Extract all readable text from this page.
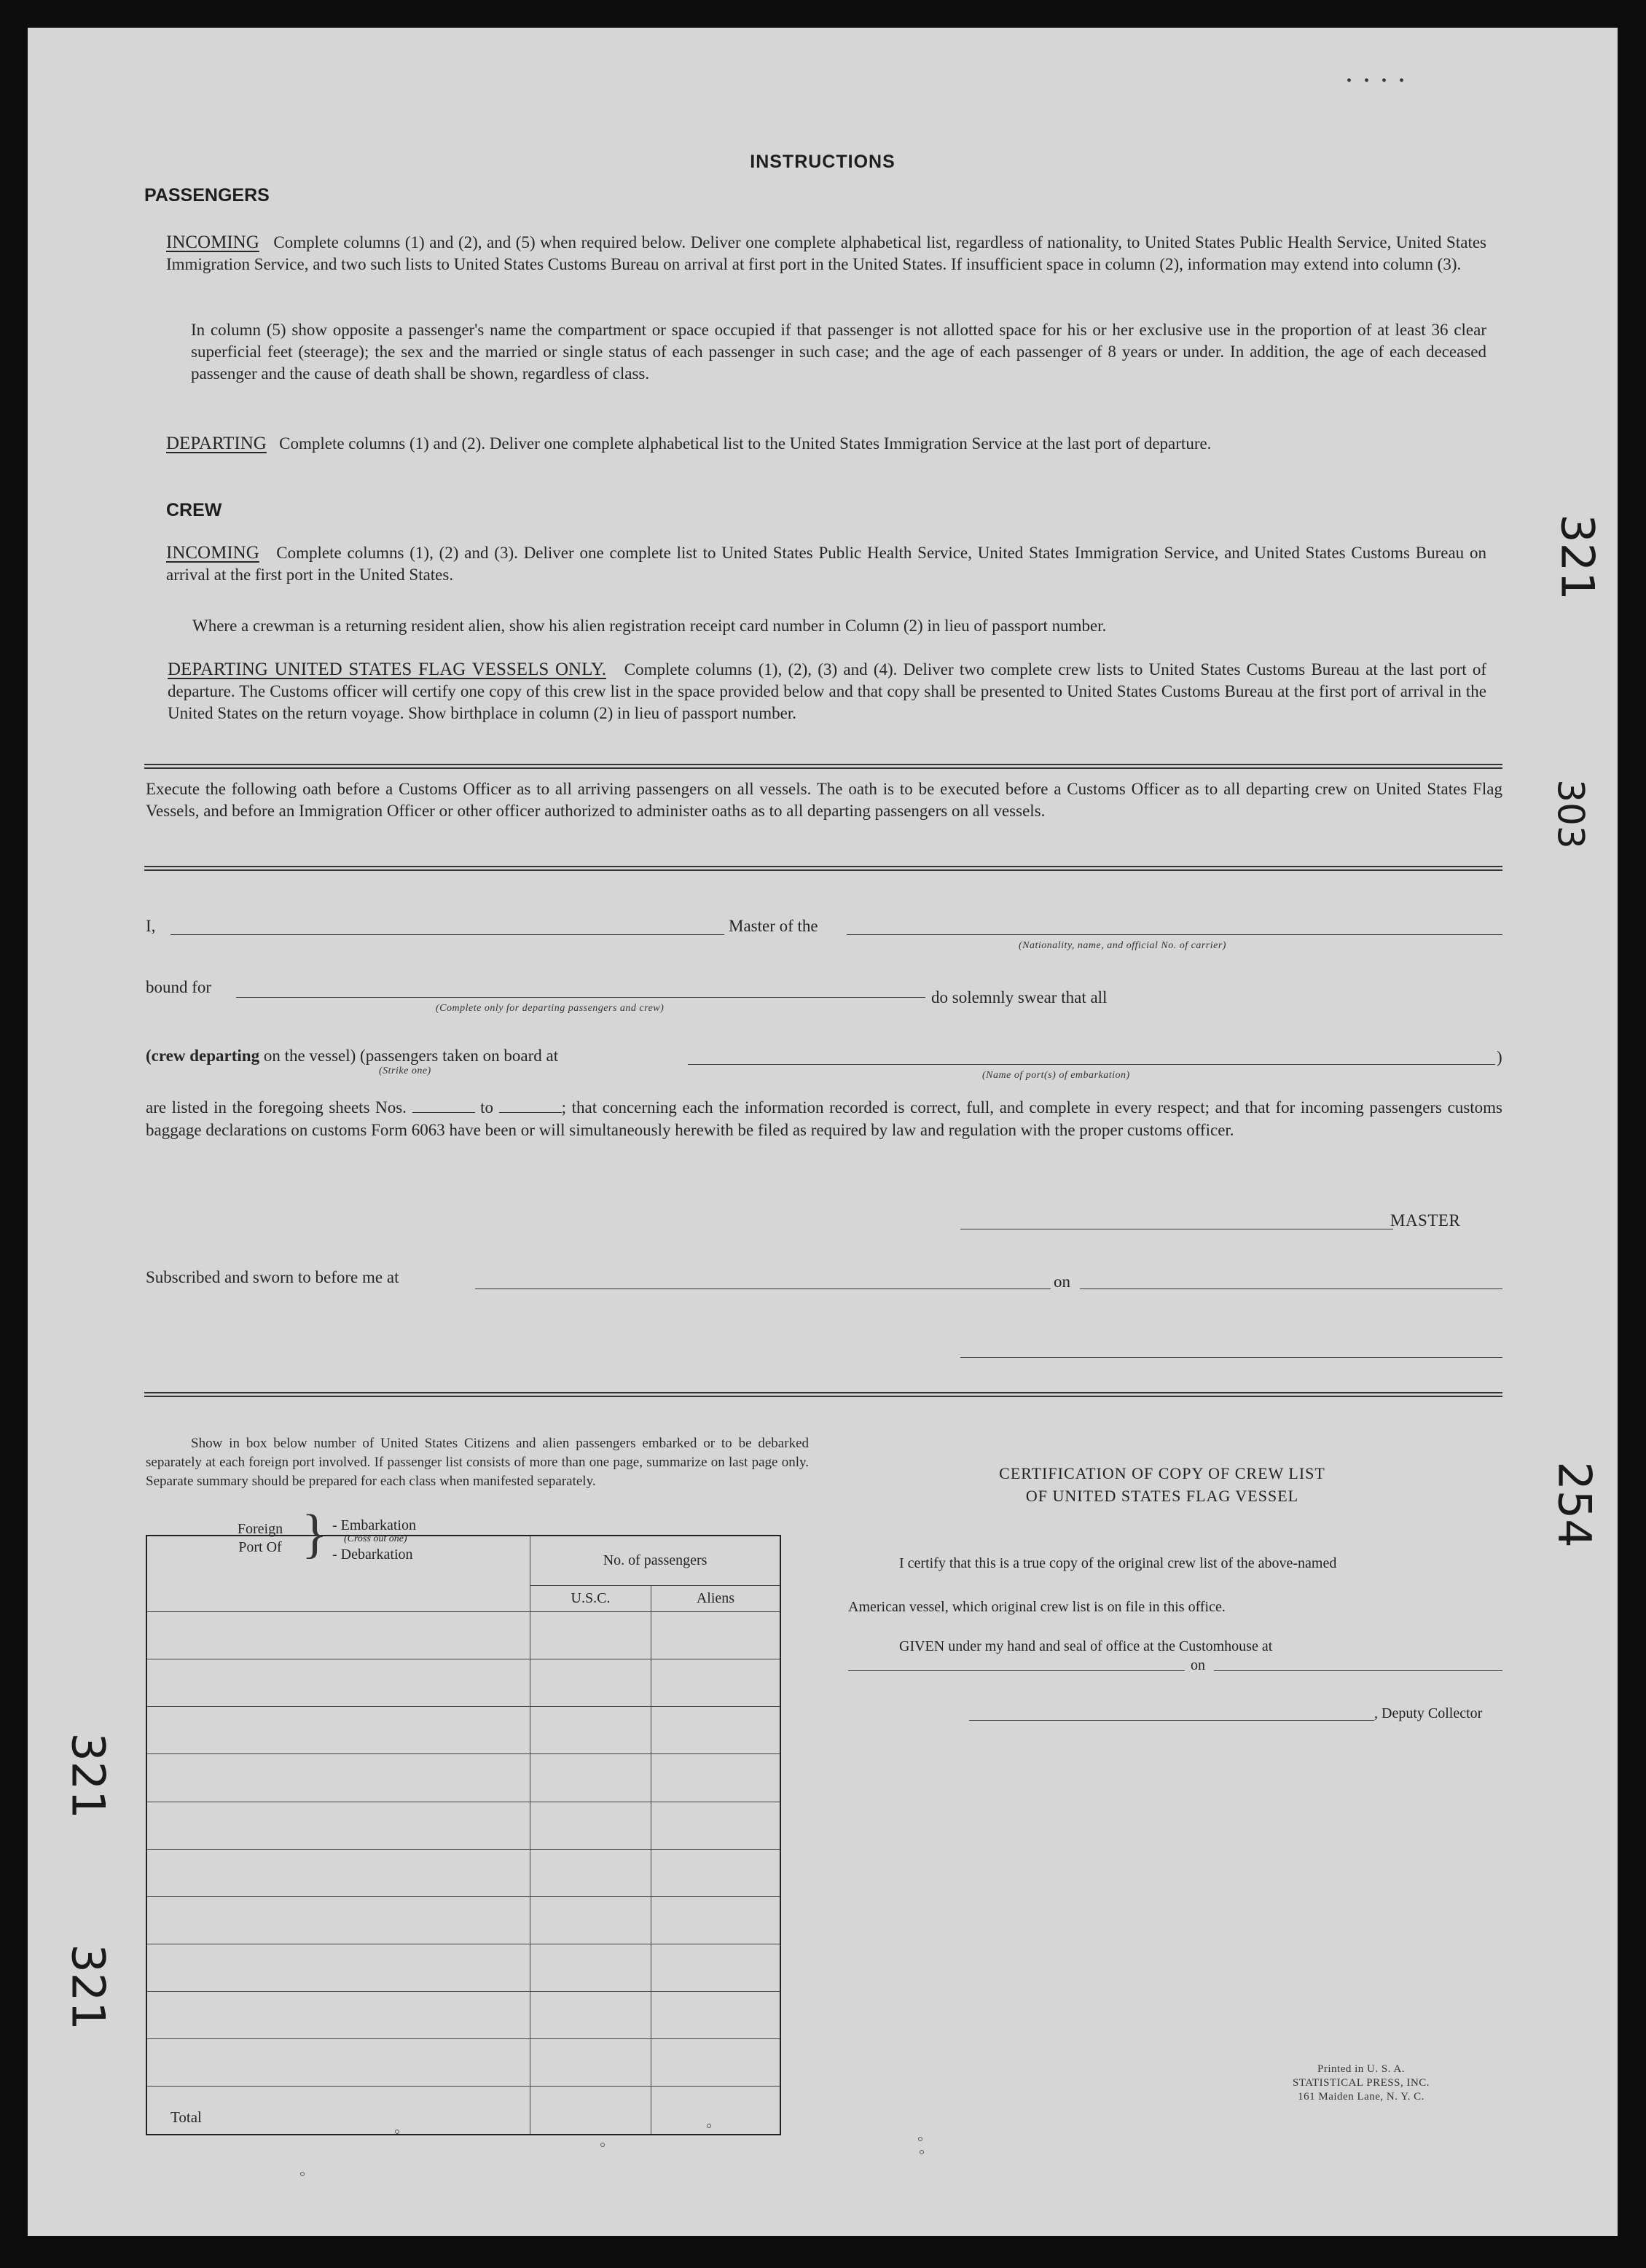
• • • •
INSTRUCTIONS
PASSENGERS
INCOMING Complete columns (1) and (2), and (5) when required below. Deliver one complete alphabetical list, regardless of nationality, to United States Public Health Service, United States Immigration Service, and two such lists to United States Customs Bureau on arrival at first port in the United States. If insufficient space in column (2), information may extend into column (3).
In column (5) show opposite a passenger's name the compartment or space occupied if that passenger is not allotted space for his or her exclusive use in the proportion of at least 36 clear superficial feet (steerage); the sex and the married or single status of each passenger in such case; and the age of each passenger of 8 years or under. In addition, the age of each deceased passenger and the cause of death shall be shown, regardless of class.
DEPARTING Complete columns (1) and (2). Deliver one complete alphabetical list to the United States Immigration Service at the last port of departure.
CREW
INCOMING Complete columns (1), (2) and (3). Deliver one complete list to United States Public Health Service, United States Immigration Service, and United States Customs Bureau on arrival at the first port in the United States.
Where a crewman is a returning resident alien, show his alien registration receipt card number in Column (2) in lieu of passport number.
DEPARTING UNITED STATES FLAG VESSELS ONLY. Complete columns (1), (2), (3) and (4). Deliver two complete crew lists to United States Customs Bureau at the last port of departure. The Customs officer will certify one copy of this crew list in the space provided below and that copy shall be presented to United States Customs Bureau at the first port of arrival in the United States on the return voyage. Show birthplace in column (2) in lieu of passport number.
Execute the following oath before a Customs Officer as to all arriving passengers on all vessels. The oath is to be executed before a Customs Officer as to all departing crew on United States Flag Vessels, and before an Immigration Officer or other officer authorized to administer oaths as to all departing passengers on all vessels.
I,	Master of the
(Nationality, name, and official No. of carrier)
bound for
(Complete only for departing passengers and crew)
do solemnly swear that all
(crew departing on the vessel) (passengers taken on board at
(Strike one)
)
(Name of port(s) of embarkation)
are listed in the foregoing sheets Nos.	to	; that concerning each the information recorded is correct, full, and complete in every respect; and that for incoming passengers customs baggage declarations on customs Form 6063 have been or will simultaneously herewith be filed as required by law and regulation with the proper customs officer.
MASTER
Subscribed and sworn to before me at	on
Show in box below number of United States Citizens and alien passengers embarked or to be debarked separately at each foreign port involved. If passenger list consists of more than one page, summarize on last page only. Separate summary should be prepared for each class when manifested separately.
Foreign Port Of } - Embarkation
(Cross out one)
- Debarkation	No. of passengers	
	U.S.C.	Aliens

Total		
CERTIFICATION OF COPY OF CREW LIST
OF UNITED STATES FLAG VESSEL
I certify that this is a true copy of the original crew list of the above-named
American vessel, which original crew list is on file in this office.
GIVEN under my hand and seal of office at the Customhouse at
on
, Deputy Collector
Printed in U. S. A.
STATISTICAL PRESS, INC.
161 Maiden Lane, N. Y. C.
321
303
254
321
321
